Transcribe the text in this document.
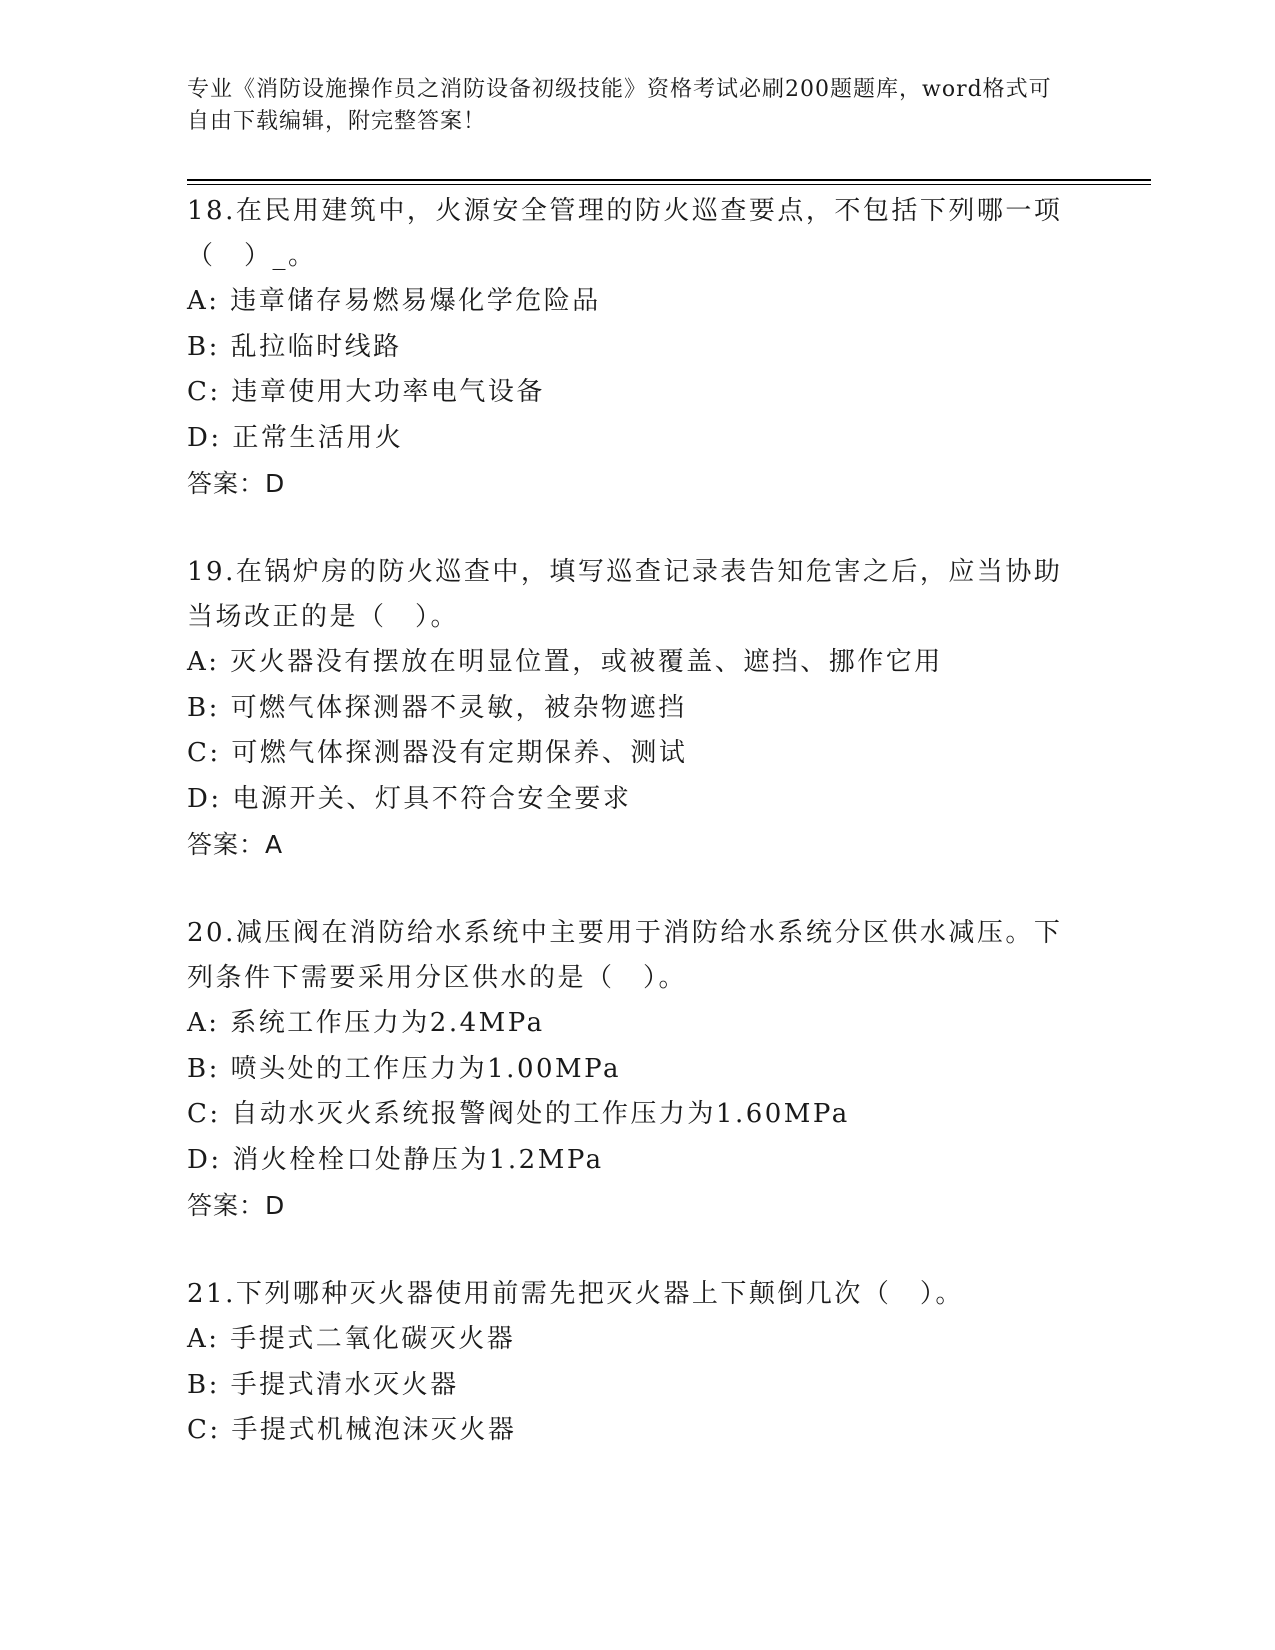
专业《消防设施操作员之消防设备初级技能》资格考试必刷200题题库，word格式可自由下载编辑，附完整答案！
18.在民用建筑中，火源安全管理的防火巡查要点，不包括下列哪一项（　）_。
A: 违章储存易燃易爆化学危险品
B: 乱拉临时线路
C: 违章使用大功率电气设备
D: 正常生活用火
答案：D
19.在锅炉房的防火巡查中，填写巡查记录表告知危害之后，应当协助当场改正的是（　）。
A: 灭火器没有摆放在明显位置，或被覆盖、遮挡、挪作它用
B: 可燃气体探测器不灵敏，被杂物遮挡
C: 可燃气体探测器没有定期保养、测试
D: 电源开关、灯具不符合安全要求
答案：A
20.减压阀在消防给水系统中主要用于消防给水系统分区供水减压。下列条件下需要采用分区供水的是（　）。
A: 系统工作压力为2.4MPa
B: 喷头处的工作压力为1.00MPa
C: 自动水灭火系统报警阀处的工作压力为1.60MPa
D: 消火栓栓口处静压为1.2MPa
答案：D
21.下列哪种灭火器使用前需先把灭火器上下颠倒几次（　）。
A: 手提式二氧化碳灭火器
B: 手提式清水灭火器
C: 手提式机械泡沫灭火器
